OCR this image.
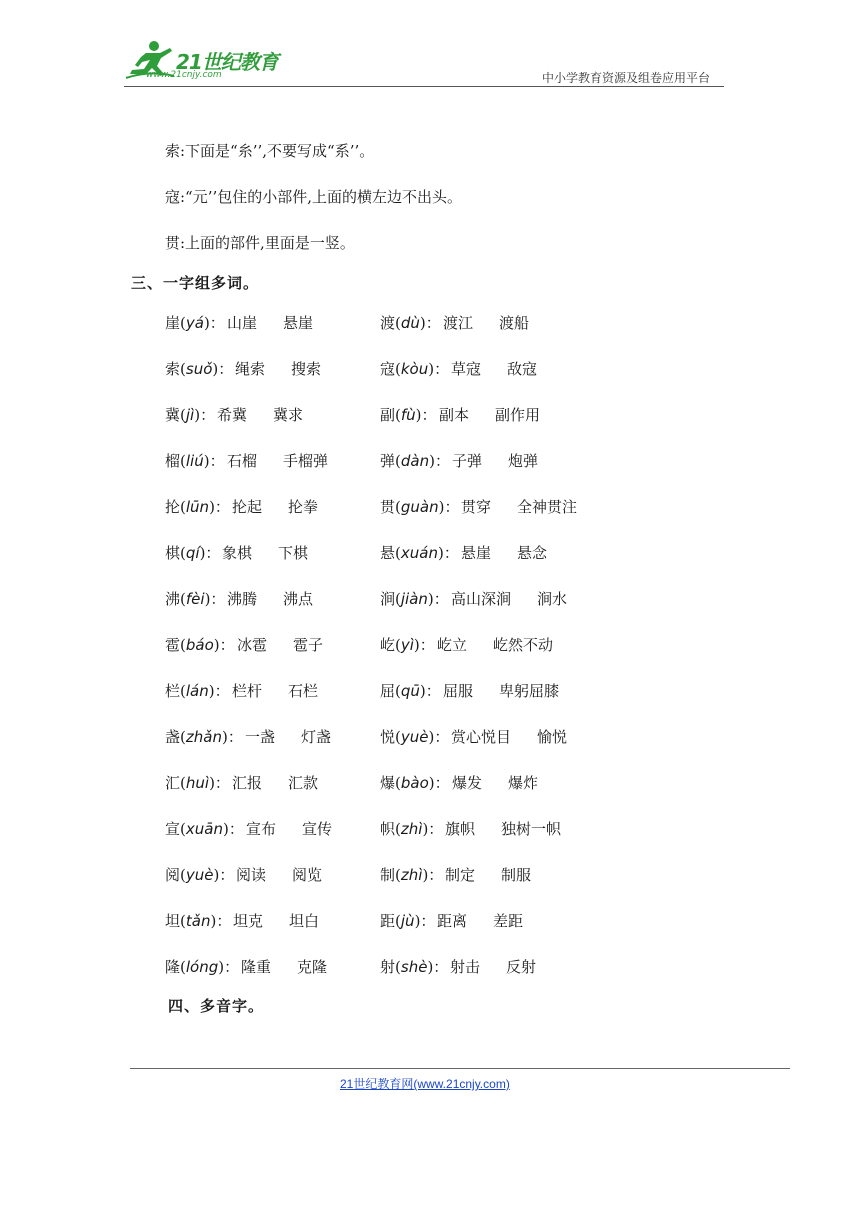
21世纪教育
www.21cnjy.com	中小学教育资源及组卷应用平台
索:下面是“糸’’,不要写成“系’’。
寇:“元’’包住的小部件,上面的横左边不出头。
贯:上面的部件,里面是一竖。
三、一字组多词。
崖(yá)： 山崖 悬崖	渡(dù)： 渡江 渡船
索(suǒ)： 绳索 搜索	寇(kòu)： 草寇 敌寇
冀(jì)： 希冀 冀求	副(fù)： 副本 副作用
榴(liú)： 石榴 手榴弹	弹(dàn)： 子弹 炮弹
抡(lūn)： 抡起 抡拳	贯(guàn)： 贯穿 全神贯注
棋(qí)： 象棋 下棋	悬(xuán)： 悬崖 悬念
沸(fèi)： 沸腾 沸点	涧(jiàn)： 高山深涧 涧水
雹(báo)： 冰雹 雹子	屹(yì)： 屹立 屹然不动
栏(lán)： 栏杆 石栏	屈(qū)： 屈服 卑躬屈膝
盏(zhǎn)： 一盏 灯盏	悦(yuè)： 赏心悦目 愉悦
汇(huì)： 汇报 汇款	爆(bào)： 爆发 爆炸
宣(xuān)： 宣布 宣传	帜(zhì)： 旗帜 独树一帜
阅(yuè)： 阅读 阅览	制(zhì)： 制定 制服
坦(tǎn)： 坦克 坦白	距(jù)： 距离 差距
隆(lóng)： 隆重 克隆	射(shè)： 射击 反射
四、多音字。
21世纪教育网(www.21cnjy.com)
